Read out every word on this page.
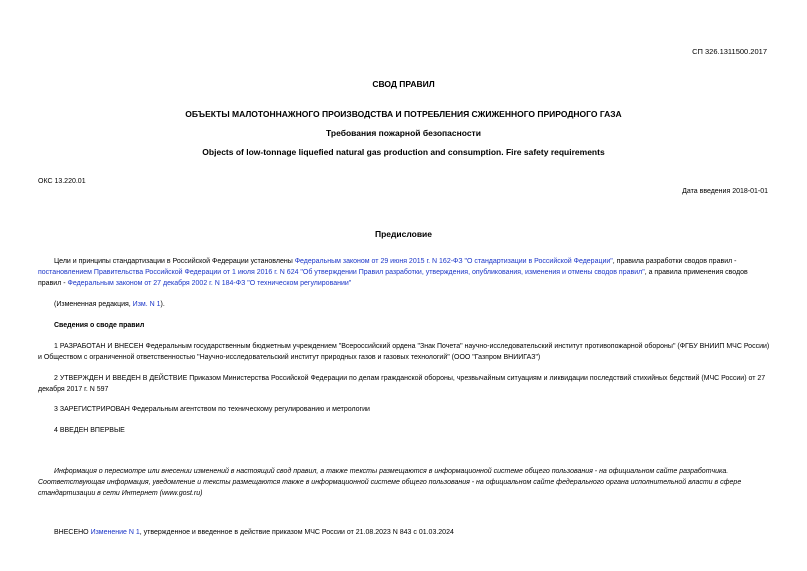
СП 326.1311500.2017
СВОД ПРАВИЛ
ОБЪЕКТЫ МАЛОТОННАЖНОГО ПРОИЗВОДСТВА И ПОТРЕБЛЕНИЯ СЖИЖЕННОГО ПРИРОДНОГО ГАЗА
Требования пожарной безопасности
Objects of low-tonnage liquefied natural gas production and consumption. Fire safety requirements
ОКС 13.220.01
Дата введения 2018-01-01
Предисловие
Цели и принципы стандартизации в Российской Федерации установлены Федеральным законом от 29 июня 2015 г. N 162-ФЗ "О стандартизации в Российской Федерации", правила разработки сводов правил - постановлением Правительства Российской Федерации от 1 июля 2016 г. N 624 "Об утверждении Правил разработки, утверждения, опубликования, изменения и отмены сводов правил", а правила применения сводов правил - Федеральным законом от 27 декабря 2002 г. N 184-ФЗ "О техническом регулировании"
(Измененная редакция, Изм. N 1).
Сведения о своде правил
1 РАЗРАБОТАН И ВНЕСЕН Федеральным государственным бюджетным учреждением "Всероссийский ордена "Знак Почета" научно-исследовательский институт противопожарной обороны" (ФГБУ ВНИИП МЧС России) и Обществом с ограниченной ответственностью "Научно-исследовательский институт природных газов и газовых технологий" (ООО "Газпром ВНИИГАЗ")
2 УТВЕРЖДЕН И ВВЕДЕН В ДЕЙСТВИЕ Приказом Министерства Российской Федерации по делам гражданской обороны, чрезвычайным ситуациям и ликвидации последствий стихийных бедствий (МЧС России) от 27 декабря 2017 г. N 597
3 ЗАРЕГИСТРИРОВАН Федеральным агентством по техническому регулированию и метрологии
4 ВВЕДЕН ВПЕРВЫЕ
Информация о пересмотре или внесении изменений в настоящий свод правил, а также тексты размещаются в информационной системе общего пользования - на официальном сайте разработчика. Соответствующая информация, уведомление и тексты размещаются также в информационной системе общего пользования - на официальном сайте федерального органа исполнительной власти в сфере стандартизации в сети Интернет (www.gost.ru)
ВНЕСЕНО Изменение N 1, утвержденное и введенное в действие приказом МЧС России от 21.08.2023 N 843 с 01.03.2024
